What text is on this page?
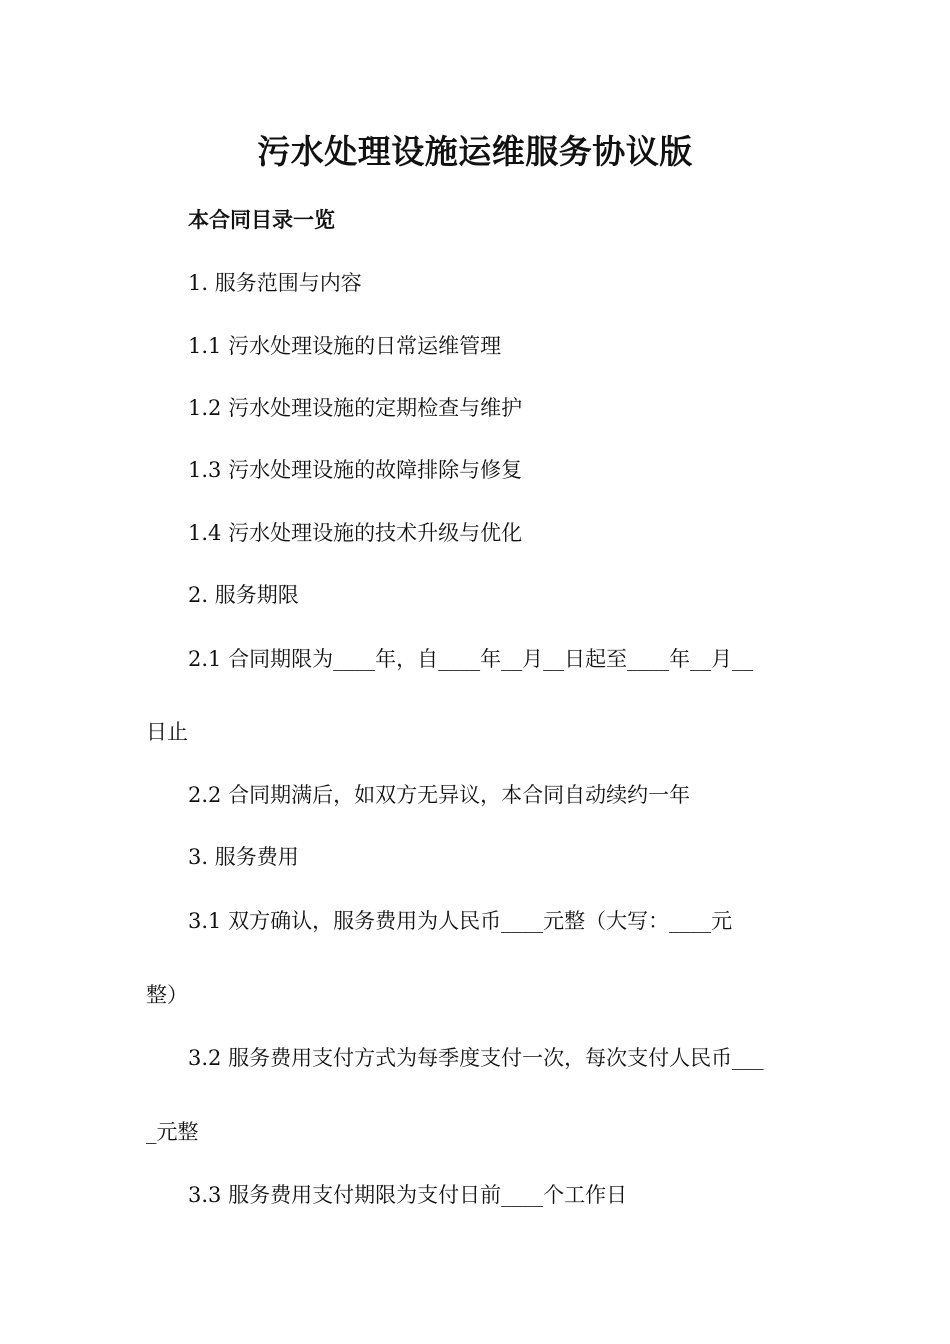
污水处理设施运维服务协议版

本合同目录一览

1. 服务范围与内容

1.1 污水处理设施的日常运维管理

1.2 污水处理设施的定期检查与维护

1.3 污水处理设施的故障排除与修复

1.4 污水处理设施的技术升级与优化

2. 服务期限

2.1 合同期限为____年，自____年__月__日起至____年__月__

日止

2.2 合同期满后，如双方无异议，本合同自动续约一年

3. 服务费用

3.1 双方确认，服务费用为人民币____元整（大写：____元

整）

3.2 服务费用支付方式为每季度支付一次，每次支付人民币___

_元整

3.3 服务费用支付期限为支付日前____个工作日
